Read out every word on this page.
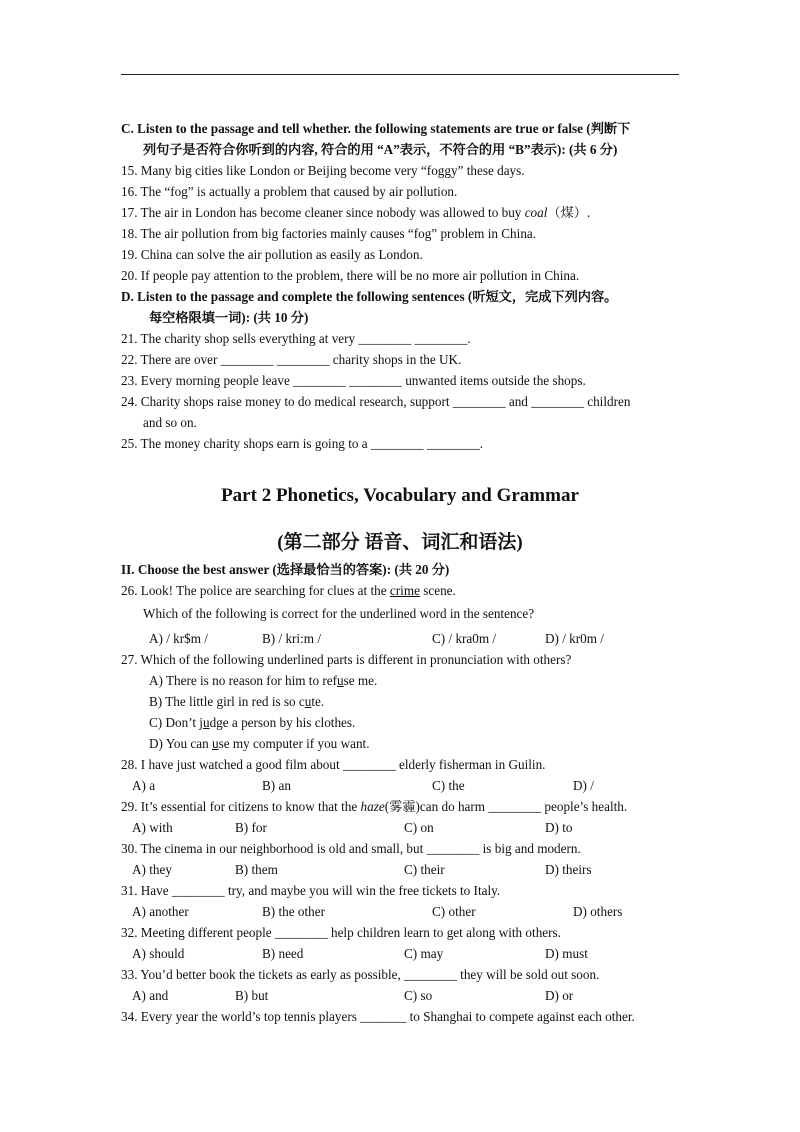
C. Listen to the passage and tell whether. the following statements are true or false (判断下
列句子是否符合你听到的内容, 符合的用 “A”表示，不符合的用 “B”表示): (共 6 分)
15. Many big cities like London or Beijing become very “foggy” these days.
16. The “fog” is actually a problem that caused by air pollution.
17. The air in London has become cleaner since nobody was allowed to buy coal（煤）.
18. The air pollution from big factories mainly causes “fog” problem in China.
19. China can solve the air pollution as easily as London.
20. If people pay attention to the problem, there will be no more air pollution in China.
D. Listen to the passage and complete the following sentences (听短文，完成下列内容。
每空格限填一词): (共 10 分)
21. The charity shop sells everything at very ________ ________.
22. There are over ________ ________ charity shops in the UK.
23. Every morning people leave ________ ________ unwanted items outside the shops.
24. Charity shops raise money to do medical research, support ________ and ________ children
and so on.
25. The money charity shops earn is going to a ________ ________.
Part 2 Phonetics, Vocabulary and Grammar
(第二部分 语音、词汇和语法)
II. Choose the best answer (选择最恰当的答案): (共 20 分)
26. Look! The police are searching for clues at the crime scene.
Which of the following is correct for the underlined word in the sentence?
A) / kr$m /	B) / kri:m /	C) / kra0m /	D) / kr0m /
27. Which of the following underlined parts is different in pronunciation with others?
A) There is no reason for him to refuse me.
B) The little girl in red is so cute.
C) Don’t judge a person by his clothes.
D) You can use my computer if you want.
28. I have just watched a good film about ________ elderly fisherman in Guilin.
A) a	B) an	C) the	D) /
29. It’s essential for citizens to know that the haze(雾霾)can do harm ________ people’s health.
A) with	B) for	C) on	D) to
30. The cinema in our neighborhood is old and small, but ________ is big and modern.
A) they	B) them	C) their	D) theirs
31. Have ________ try, and maybe you will win the free tickets to Italy.
A) another	B) the other	C) other	D) others
32. Meeting different people ________ help children learn to get along with others.
A) should	B) need	C) may	D) must
33. You’d better book the tickets as early as possible, ________ they will be sold out soon.
A) and	B) but	C) so	D) or
34. Every year the world’s top tennis players _______ to Shanghai to compete against each other.
